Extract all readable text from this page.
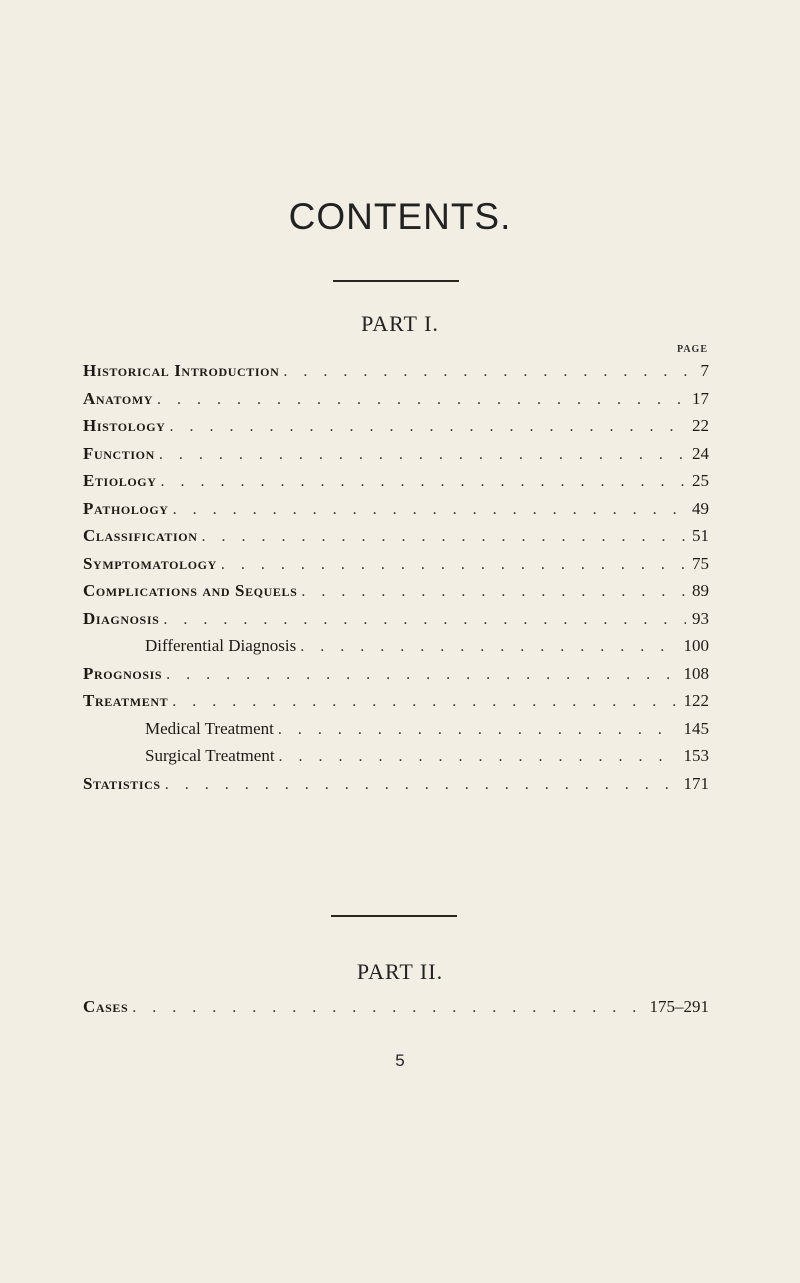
CONTENTS.
PART I.
PAGE
Historical Introduction . . .	7
Anatomy . . .	17
Histology . . .	22
Function . . .	24
Etiology . . .	25
Pathology . . .	49
Classification . . .	51
Symptomatology . . .	75
Complications and Sequels . . .	89
Diagnosis . . .	93
Differential Diagnosis . . .	100
Prognosis . . .	108
Treatment . . .	122
Medical Treatment . . .	145
Surgical Treatment . . .	153
Statistics . . .	171
PART II.
Cases . . .	175–291
5
